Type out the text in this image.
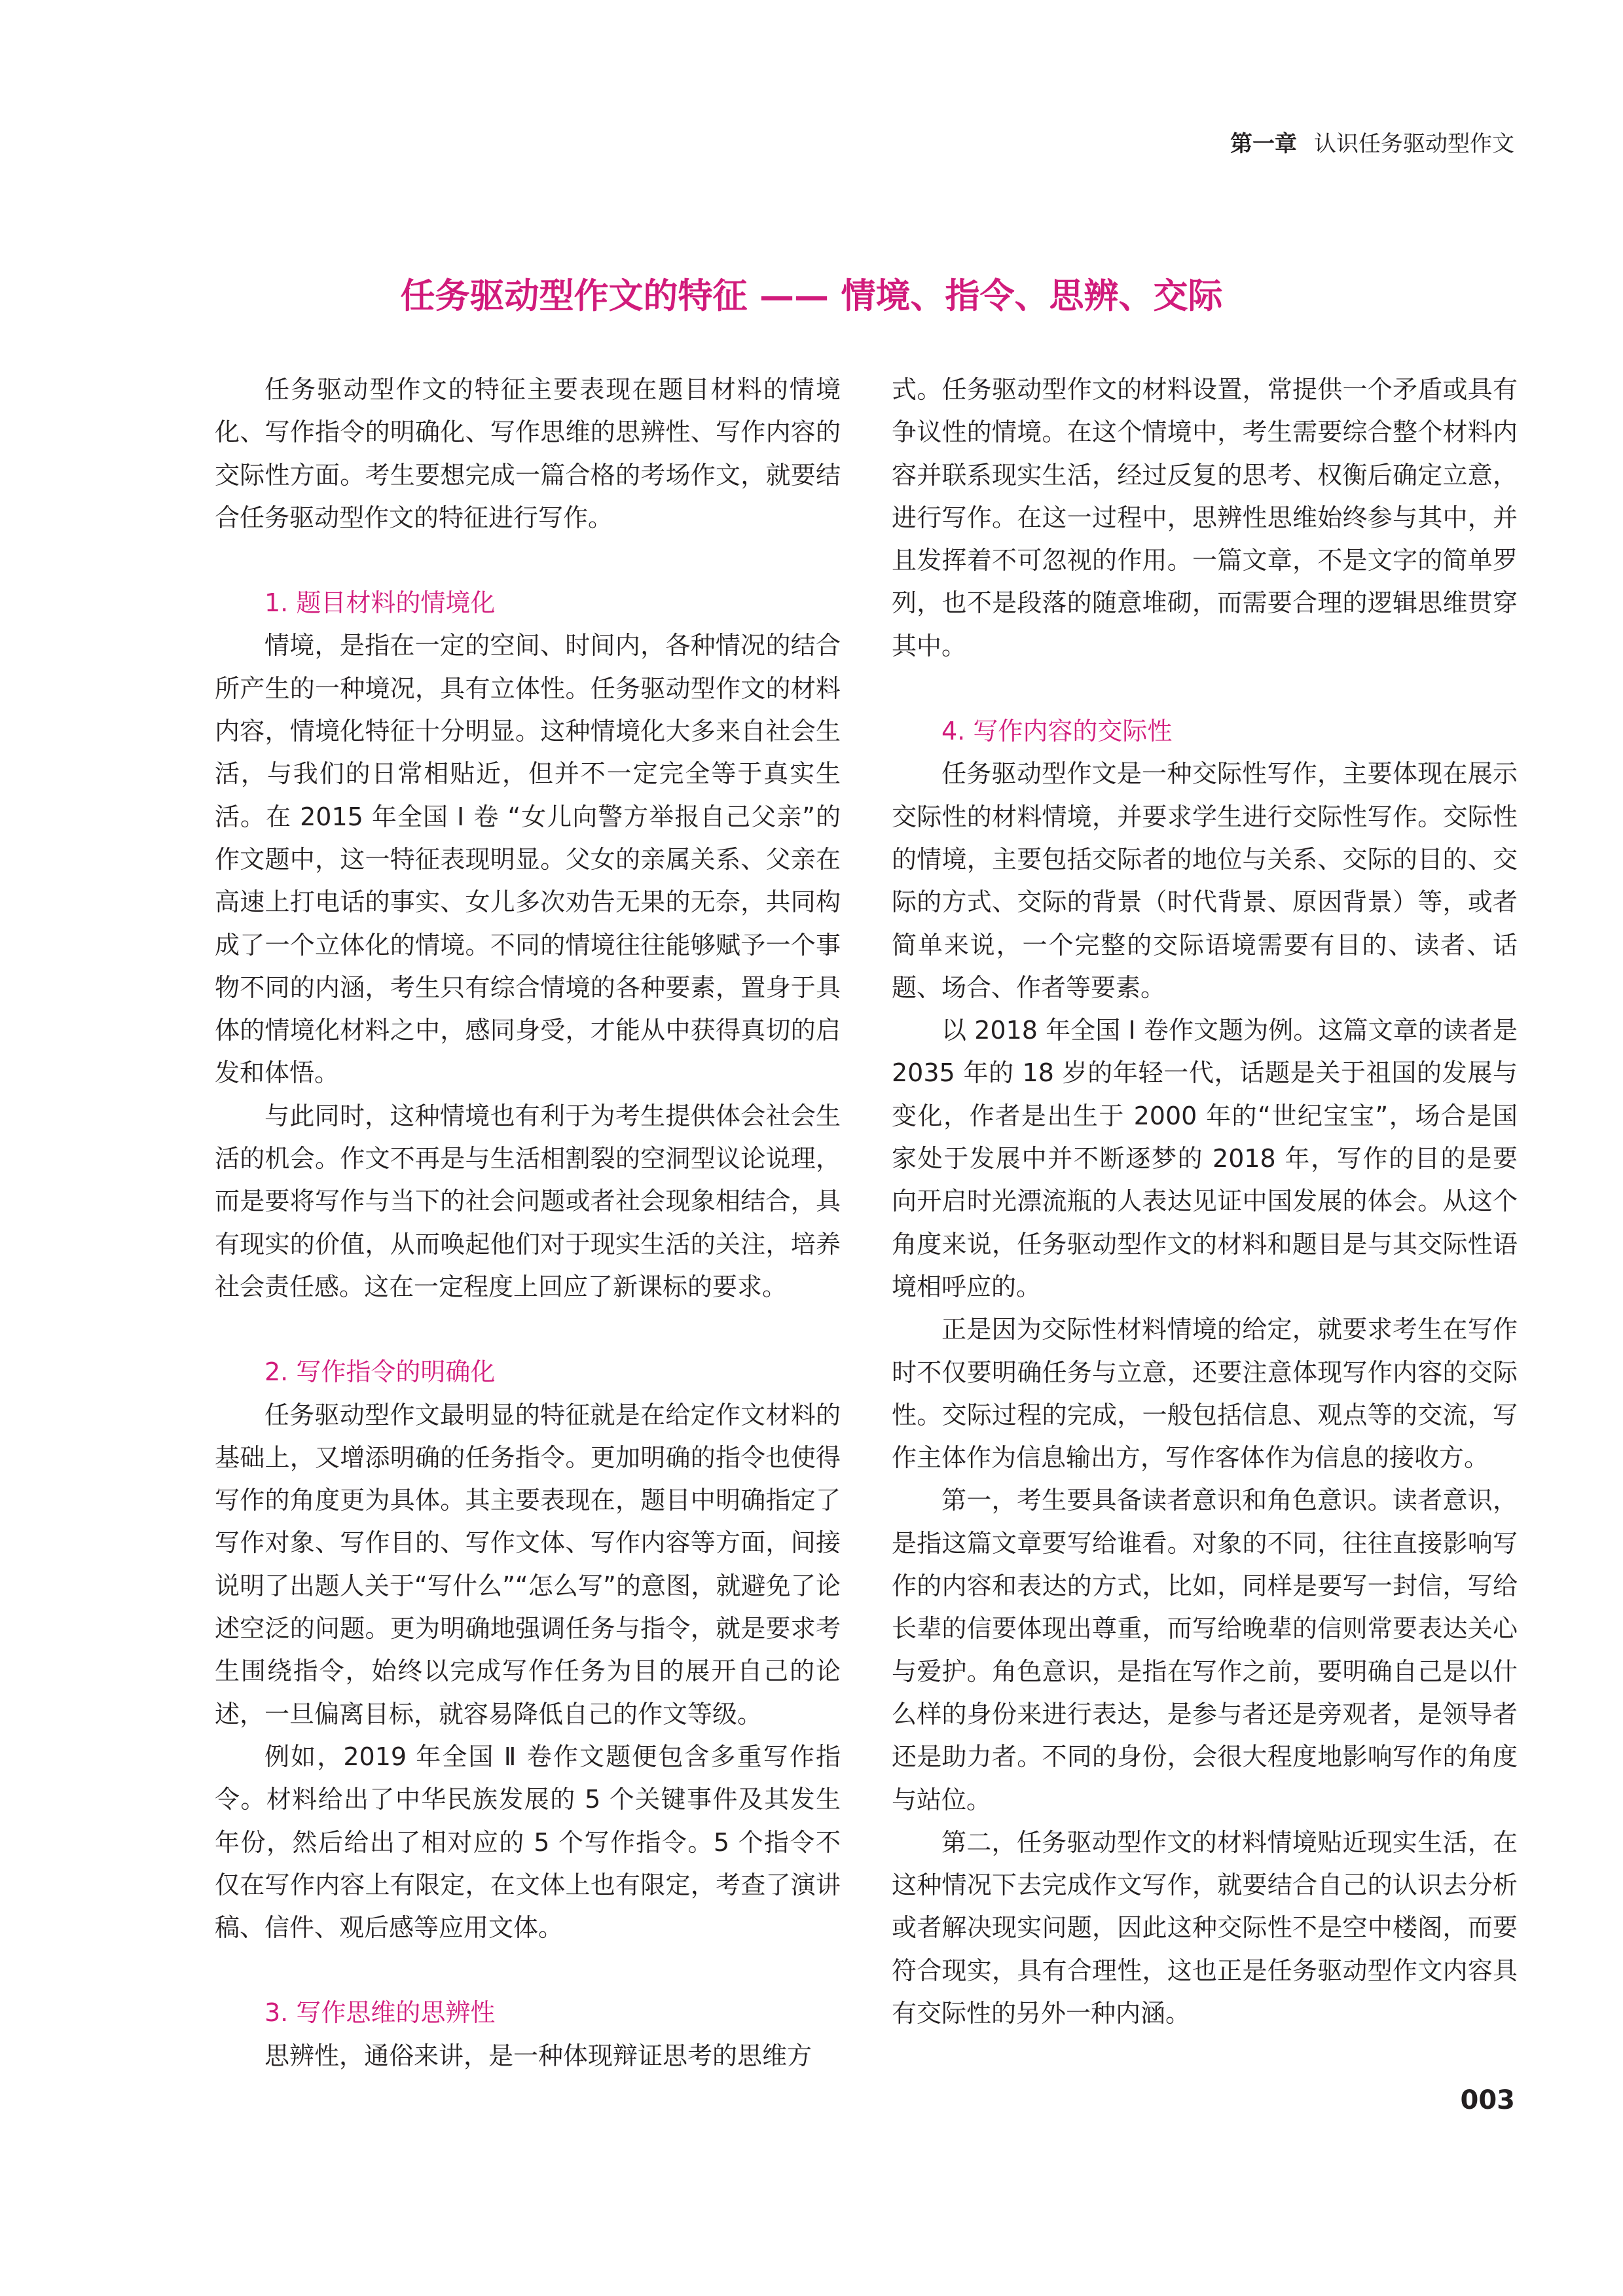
第一章 认识任务驱动型作文
任务驱动型作文的特征 —— 情境、指令、思辨、交际

任务驱动型作文的特征主要表现在题目材料的情境化、写作指令的明确化、写作思维的思辨性、写作内容的交际性方面。考生要想完成一篇合格的考场作文，就要结合任务驱动型作文的特征进行写作。

1. 题目材料的情境化

情境，是指在一定的空间、时间内，各种情况的结合所产生的一种境况，具有立体性。任务驱动型作文的材料内容，情境化特征十分明显。这种情境化大多来自社会生活，与我们的日常相贴近，但并不一定完全等于真实生活。在 2015 年全国 Ⅰ 卷 “女儿向警方举报自己父亲”的作文题中，这一特征表现明显。父女的亲属关系、父亲在高速上打电话的事实、女儿多次劝告无果的无奈，共同构成了一个立体化的情境。不同的情境往往能够赋予一个事物不同的内涵，考生只有综合情境的各种要素，置身于具体的情境化材料之中，感同身受，才能从中获得真切的启发和体悟。

与此同时，这种情境也有利于为考生提供体会社会生活的机会。作文不再是与生活相割裂的空洞型议论说理，而是要将写作与当下的社会问题或者社会现象相结合，具有现实的价值，从而唤起他们对于现实生活的关注，培养社会责任感。这在一定程度上回应了新课标的要求。

2. 写作指令的明确化

任务驱动型作文最明显的特征就是在给定作文材料的基础上，又增添明确的任务指令。更加明确的指令也使得写作的角度更为具体。其主要表现在，题目中明确指定了写作对象、写作目的、写作文体、写作内容等方面，间接说明了出题人关于“写什么”“怎么写”的意图，就避免了论述空泛的问题。更为明确地强调任务与指令，就是要求考生围绕指令，始终以完成写作任务为目的展开自己的论述，一旦偏离目标，就容易降低自己的作文等级。

例如，2019 年全国 Ⅱ 卷作文题便包含多重写作指令。材料给出了中华民族发展的 5 个关键事件及其发生年份，然后给出了相对应的 5 个写作指令。5 个指令不仅在写作内容上有限定，在文体上也有限定，考查了演讲稿、信件、观后感等应用文体。

3. 写作思维的思辨性

思辨性，通俗来讲，是一种体现辩证思考的思维方

式。任务驱动型作文的材料设置，常提供一个矛盾或具有争议性的情境。在这个情境中，考生需要综合整个材料内容并联系现实生活，经过反复的思考、权衡后确定立意，进行写作。在这一过程中，思辨性思维始终参与其中，并且发挥着不可忽视的作用。一篇文章，不是文字的简单罗列，也不是段落的随意堆砌，而需要合理的逻辑思维贯穿其中。

4. 写作内容的交际性

任务驱动型作文是一种交际性写作，主要体现在展示交际性的材料情境，并要求学生进行交际性写作。交际性的情境，主要包括交际者的地位与关系、交际的目的、交际的方式、交际的背景（时代背景、原因背景）等，或者简单来说，一个完整的交际语境需要有目的、读者、话题、场合、作者等要素。

以 2018 年全国 Ⅰ 卷作文题为例。这篇文章的读者是 2035 年的 18 岁的年轻一代，话题是关于祖国的发展与变化，作者是出生于 2000 年的“世纪宝宝”，场合是国家处于发展中并不断逐梦的 2018 年，写作的目的是要向开启时光漂流瓶的人表达见证中国发展的体会。从这个角度来说，任务驱动型作文的材料和题目是与其交际性语境相呼应的。

正是因为交际性材料情境的给定，就要求考生在写作时不仅要明确任务与立意，还要注意体现写作内容的交际性。交际过程的完成，一般包括信息、观点等的交流，写作主体作为信息输出方，写作客体作为信息的接收方。

第一，考生要具备读者意识和角色意识。读者意识，是指这篇文章要写给谁看。对象的不同，往往直接影响写作的内容和表达的方式，比如，同样是要写一封信，写给长辈的信要体现出尊重，而写给晚辈的信则常要表达关心与爱护。角色意识，是指在写作之前，要明确自己是以什么样的身份来进行表达，是参与者还是旁观者，是领导者还是助力者。不同的身份，会很大程度地影响写作的角度与站位。

第二，任务驱动型作文的材料情境贴近现实生活，在这种情况下去完成作文写作，就要结合自己的认识去分析或者解决现实问题，因此这种交际性不是空中楼阁，而要符合现实，具有合理性，这也正是任务驱动型作文内容具有交际性的另外一种内涵。

003
